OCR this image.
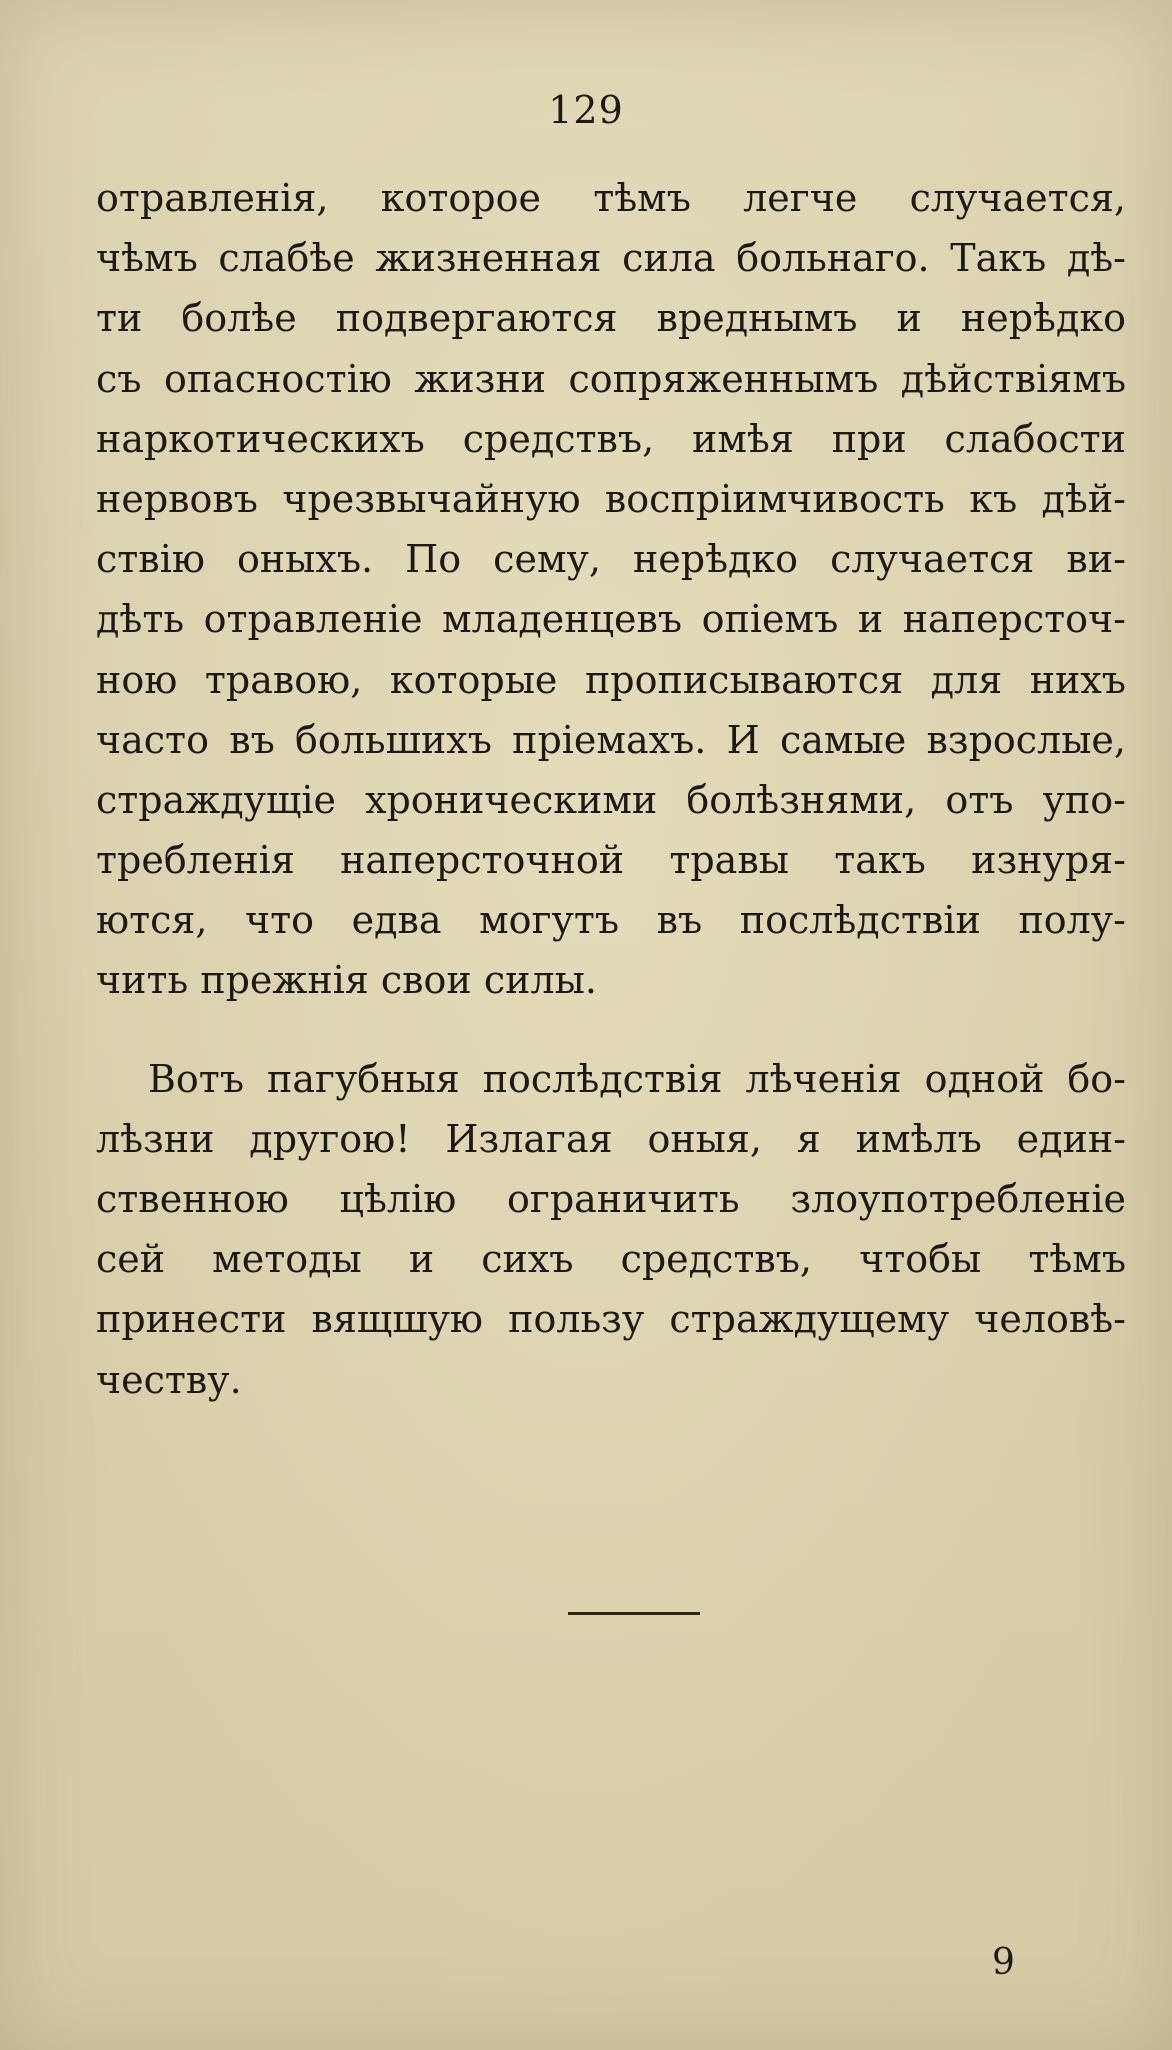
129
отравленія, которое тѣмъ легче случается,
чѣмъ слабѣе жизненная сила больнаго. Такъ дѣ-
ти болѣе подвергаются вреднымъ и нерѣдко
съ опасностію жизни сопряженнымъ дѣйствіямъ
наркотическихъ средствъ, имѣя при слабости
нервовъ чрезвычайную воспріимчивость къ дѣй-
ствію оныхъ. По сему, нерѣдко случается ви-
дѣть отравленіе младенцевъ опіемъ и наперсточ-
ною травою, которые прописываются для нихъ
часто въ большихъ пріемахъ. И самые взрослые,
страждущіе хроническими болѣзнями, отъ упо-
требленія наперсточной травы такъ изнуря-
ются, что едва могутъ въ послѣдствіи полу-
чить прежнія свои силы.
Вотъ пагубныя послѣдствія лѣченія одной бо-
лѣзни другою! Излагая оныя, я имѣлъ един-
ственною цѣлію ограничить злоупотребленіе
сей методы и сихъ средствъ, чтобы тѣмъ
принести вящшую пользу страждущему человѣ-
честву.
9
